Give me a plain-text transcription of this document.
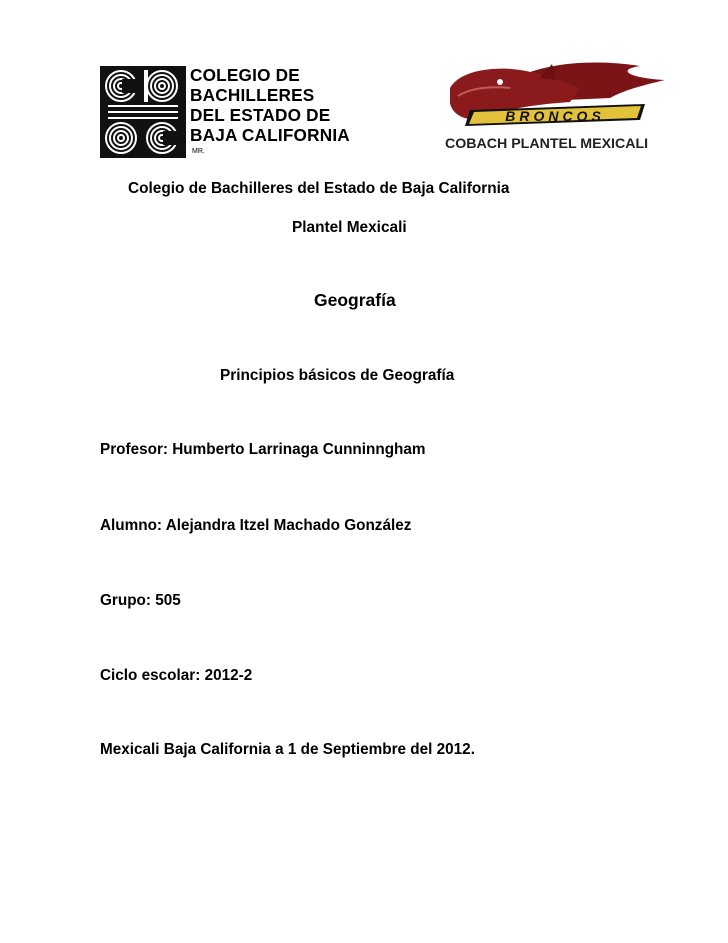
COLEGIO DE
BACHILLERES
DEL ESTADO DE
BAJA CALIFORNIA
MR.
BRONCOS
COBACH PLANTEL MEXICALI
Colegio de Bachilleres del Estado de Baja California
Plantel Mexicali
Geografía
Principios básicos de Geografía
Profesor: Humberto Larrinaga Cunninngham
Alumno: Alejandra Itzel Machado González
Grupo: 505
Ciclo escolar: 2012-2
Mexicali Baja California a 1 de Septiembre del 2012.
